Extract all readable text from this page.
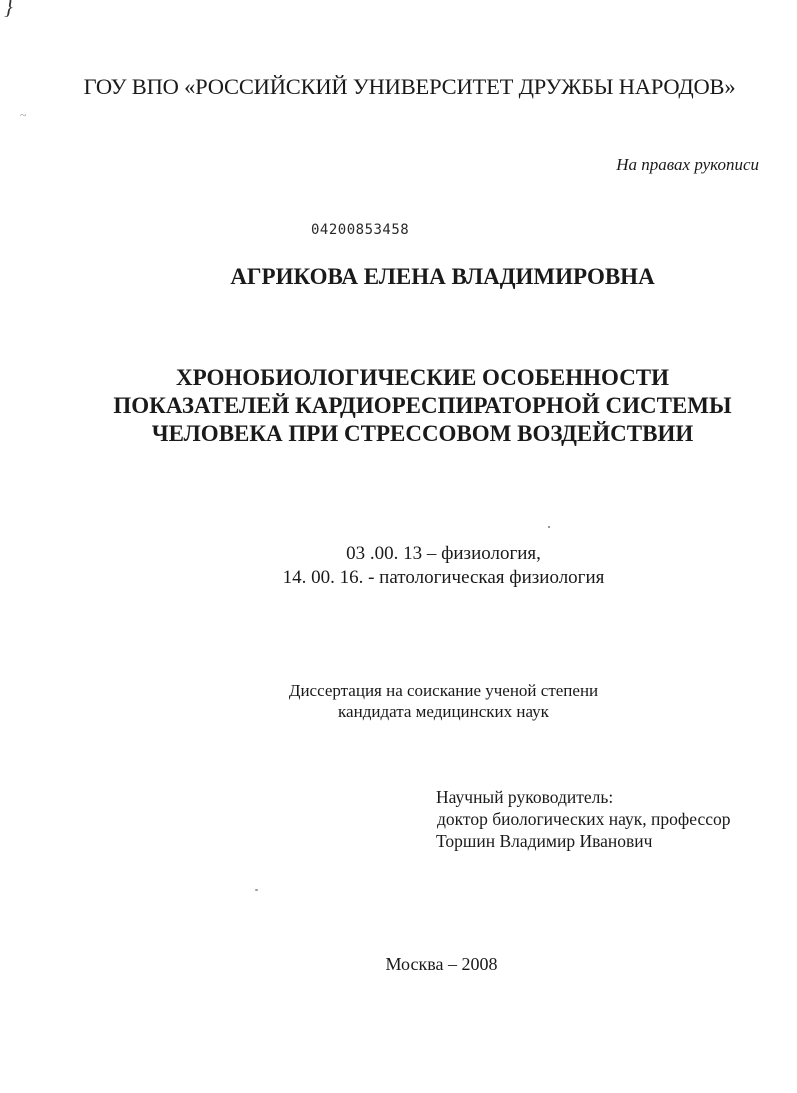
}
~
ГОУ ВПО «РОССИЙСКИЙ УНИВЕРСИТЕТ ДРУЖБЫ НАРОДОВ»
На правах рукописи
04200853458
АГРИКОВА ЕЛЕНА ВЛАДИМИРОВНА
ХРОНОБИОЛОГИЧЕСКИЕ ОСОБЕННОСТИ
ПОКАЗАТЕЛЕЙ КАРДИОРЕСПИРАТОРНОЙ СИСТЕМЫ
ЧЕЛОВЕКА ПРИ СТРЕССОВОМ ВОЗДЕЙСТВИИ
03 .00. 13 – физиология,
14. 00. 16. - патологическая физиология
Диссертация на соискание ученой степени
кандидата медицинских наук
Научный руководитель:
доктор биологических наук, профессор
Торшин Владимир Иванович
Москва – 2008
